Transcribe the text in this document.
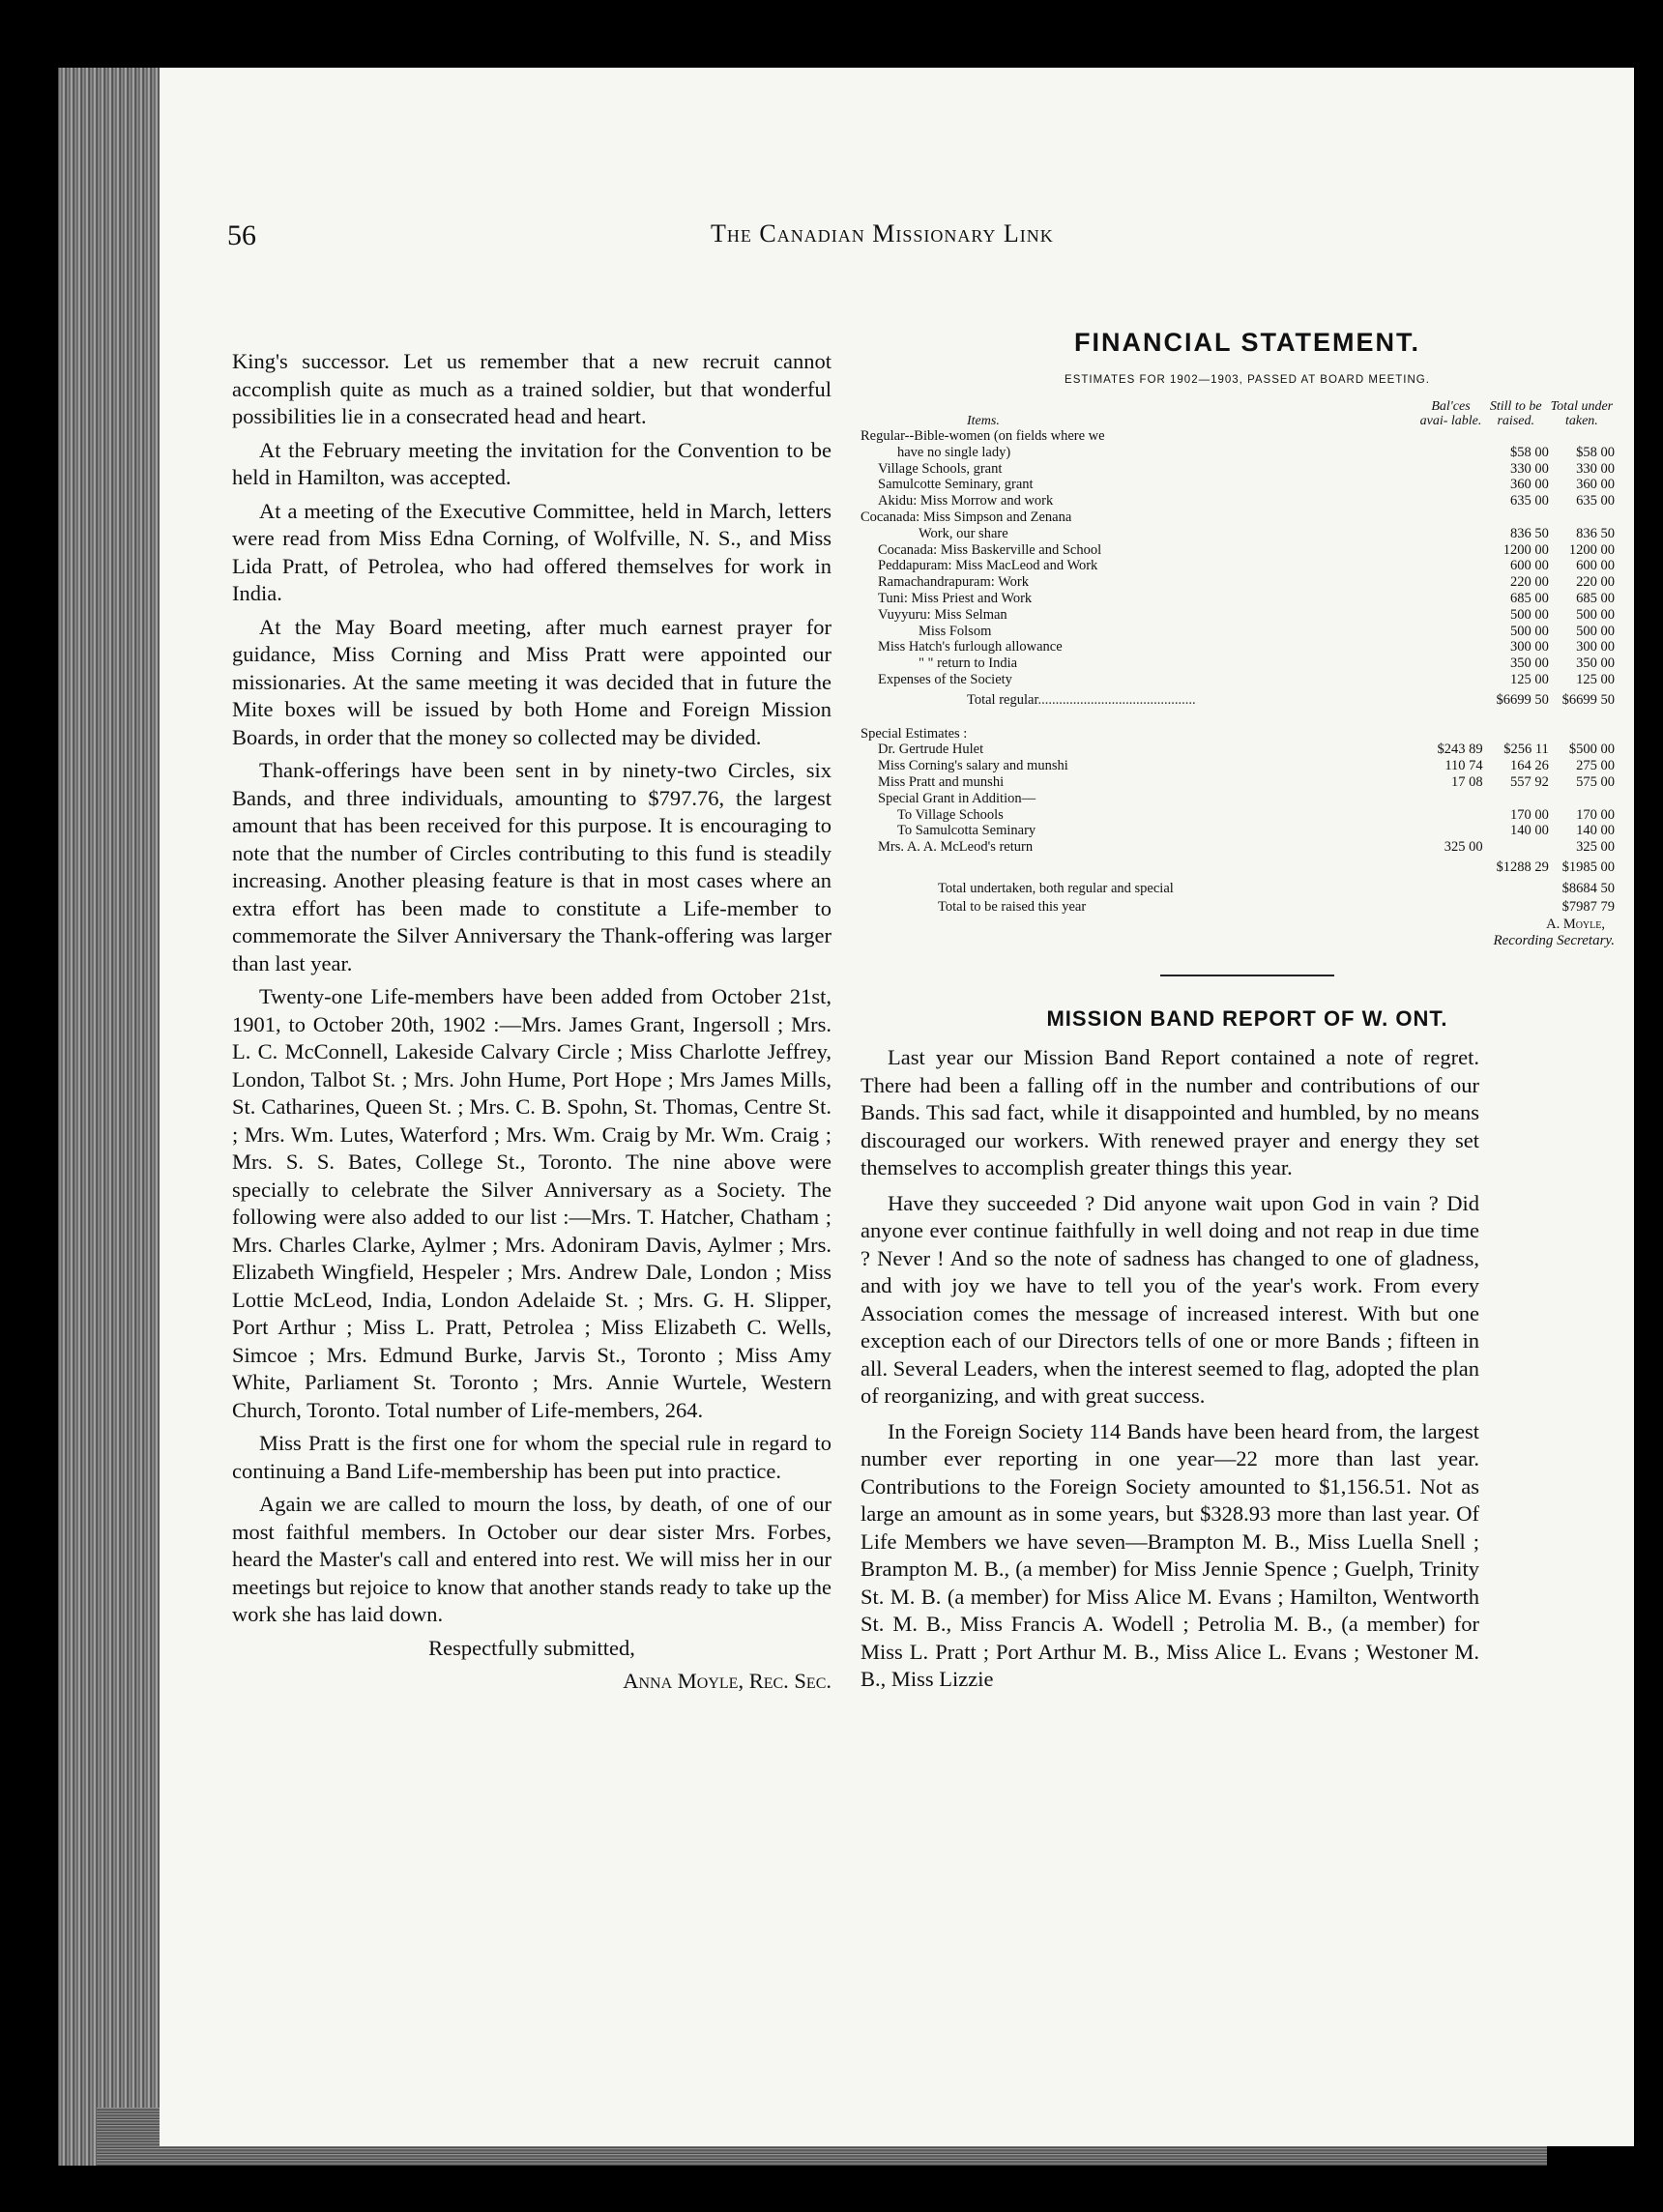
56	The Canadian Missionary Link

King's successor. Let us remember that a new recruit cannot accomplish quite as much as a trained soldier, but that wonderful possibilities lie in a consecrated head and heart.

At the February meeting the invitation for the Convention to be held in Hamilton, was accepted.

At a meeting of the Executive Committee, held in March, letters were read from Miss Edna Corning, of Wolfville, N. S., and Miss Lida Pratt, of Petrolea, who had offered themselves for work in India.

At the May Board meeting, after much earnest prayer for guidance, Miss Corning and Miss Pratt were appointed our missionaries. At the same meeting it was decided that in future the Mite boxes will be issued by both Home and Foreign Mission Boards, in order that the money so collected may be divided.

Thank-offerings have been sent in by ninety-two Circles, six Bands, and three individuals, amounting to $797.76, the largest amount that has been received for this purpose. It is encouraging to note that the number of Circles contributing to this fund is steadily increasing. Another pleasing feature is that in most cases where an extra effort has been made to constitute a Life-member to commemorate the Silver Anniversary the Thank-offering was larger than last year.

Twenty-one Life-members have been added from October 21st, 1901, to October 20th, 1902 :—Mrs. James Grant, Ingersoll ; Mrs. L. C. McConnell, Lakeside Calvary Circle ; Miss Charlotte Jeffrey, London, Talbot St. ; Mrs. John Hume, Port Hope ; Mrs James Mills, St. Catharines, Queen St. ; Mrs. C. B. Spohn, St. Thomas, Centre St. ; Mrs. Wm. Lutes, Waterford ; Mrs. Wm. Craig by Mr. Wm. Craig ; Mrs. S. S. Bates, College St., Toronto. The nine above were specially to celebrate the Silver Anniversary as a Society. The following were also added to our list :—Mrs. T. Hatcher, Chatham ; Mrs. Charles Clarke, Aylmer ; Mrs. Adoniram Davis, Aylmer ; Mrs. Elizabeth Wingfield, Hespeler ; Mrs. Andrew Dale, London ; Miss Lottie McLeod, India, London Adelaide St. ; Mrs. G. H. Slipper, Port Arthur ; Miss L. Pratt, Petrolea ; Miss Elizabeth C. Wells, Simcoe ; Mrs. Edmund Burke, Jarvis St., Toronto ; Miss Amy White, Parliament St. Toronto ; Mrs. Annie Wurtele, Western Church, Toronto. Total number of Life-members, 264.

Miss Pratt is the first one for whom the special rule in regard to continuing a Band Life-membership has been put into practice.

Again we are called to mourn the loss, by death, of one of our most faithful members. In October our dear sister Mrs. Forbes, heard the Master's call and entered into rest. We will miss her in our meetings but rejoice to know that another stands ready to take up the work she has laid down.

Respectfully submitted,

Anna Moyle, Rec. Sec.

FINANCIAL STATEMENT.
ESTIMATES FOR 1902—1903, PASSED AT BOARD MEETING.
Items.	Bal'ces avai- lable.	Still to be raised.	Total under taken.
Regular--Bible-women (on fields where we			
have no single lady)		$58 00	$58 00
Village Schools, grant		330 00	330 00
Samulcotte Seminary, grant		360 00	360 00
Akidu: Miss Morrow and work		635 00	635 00
Cocanada: Miss Simpson and Zenana			
Work, our share		836 50	836 50
Cocanada: Miss Baskerville and School		1200 00	1200 00
Peddapuram: Miss MacLeod and Work		600 00	600 00
Ramachandrapuram: Work		220 00	220 00
Tuni: Miss Priest and Work		685 00	685 00
Vuyyuru: Miss Selman		500 00	500 00
Miss Folsom		500 00	500 00
Miss Hatch's furlough allowance		300 00	300 00
" " return to India		350 00	350 00
Expenses of the Society		125 00	125 00
Total regular.............................................		$6699 50	$6699 50

Special Estimates :			
Dr. Gertrude Hulet	$243 89	$256 11	$500 00
Miss Corning's salary and munshi	110 74	164 26	275 00
Miss Pratt and munshi	17 08	557 92	575 00
Special Grant in Addition—			
To Village Schools		170 00	170 00
To Samulcotta Seminary		140 00	140 00
Mrs. A. A. McLeod's return	325 00		325 00
		$1288 29	$1985 00
Total undertaken, both regular and special	$8684 50
Total to be raised this year	$7987 79
A. Moyle,
Recording Secretary.
MISSION BAND REPORT OF W. ONT.

Last year our Mission Band Report contained a note of regret. There had been a falling off in the number and contributions of our Bands. This sad fact, while it disappointed and humbled, by no means discouraged our workers. With renewed prayer and energy they set themselves to accomplish greater things this year.

Have they succeeded ? Did anyone wait upon God in vain ? Did anyone ever continue faithfully in well doing and not reap in due time ? Never ! And so the note of sadness has changed to one of gladness, and with joy we have to tell you of the year's work. From every Association comes the message of increased interest. With but one exception each of our Directors tells of one or more Bands ; fifteen in all. Several Leaders, when the interest seemed to flag, adopted the plan of reorganizing, and with great success.

In the Foreign Society 114 Bands have been heard from, the largest number ever reporting in one year—22 more than last year. Contributions to the Foreign Society amounted to $1,156.51. Not as large an amount as in some years, but $328.93 more than last year. Of Life Members we have seven—Brampton M. B., Miss Luella Snell ; Brampton M. B., (a member) for Miss Jennie Spence ; Guelph, Trinity St. M. B. (a member) for Miss Alice M. Evans ; Hamilton, Wentworth St. M. B., Miss Francis A. Wodell ; Petrolia M. B., (a member) for Miss L. Pratt ; Port Arthur M. B., Miss Alice L. Evans ; Westoner M. B., Miss Lizzie
